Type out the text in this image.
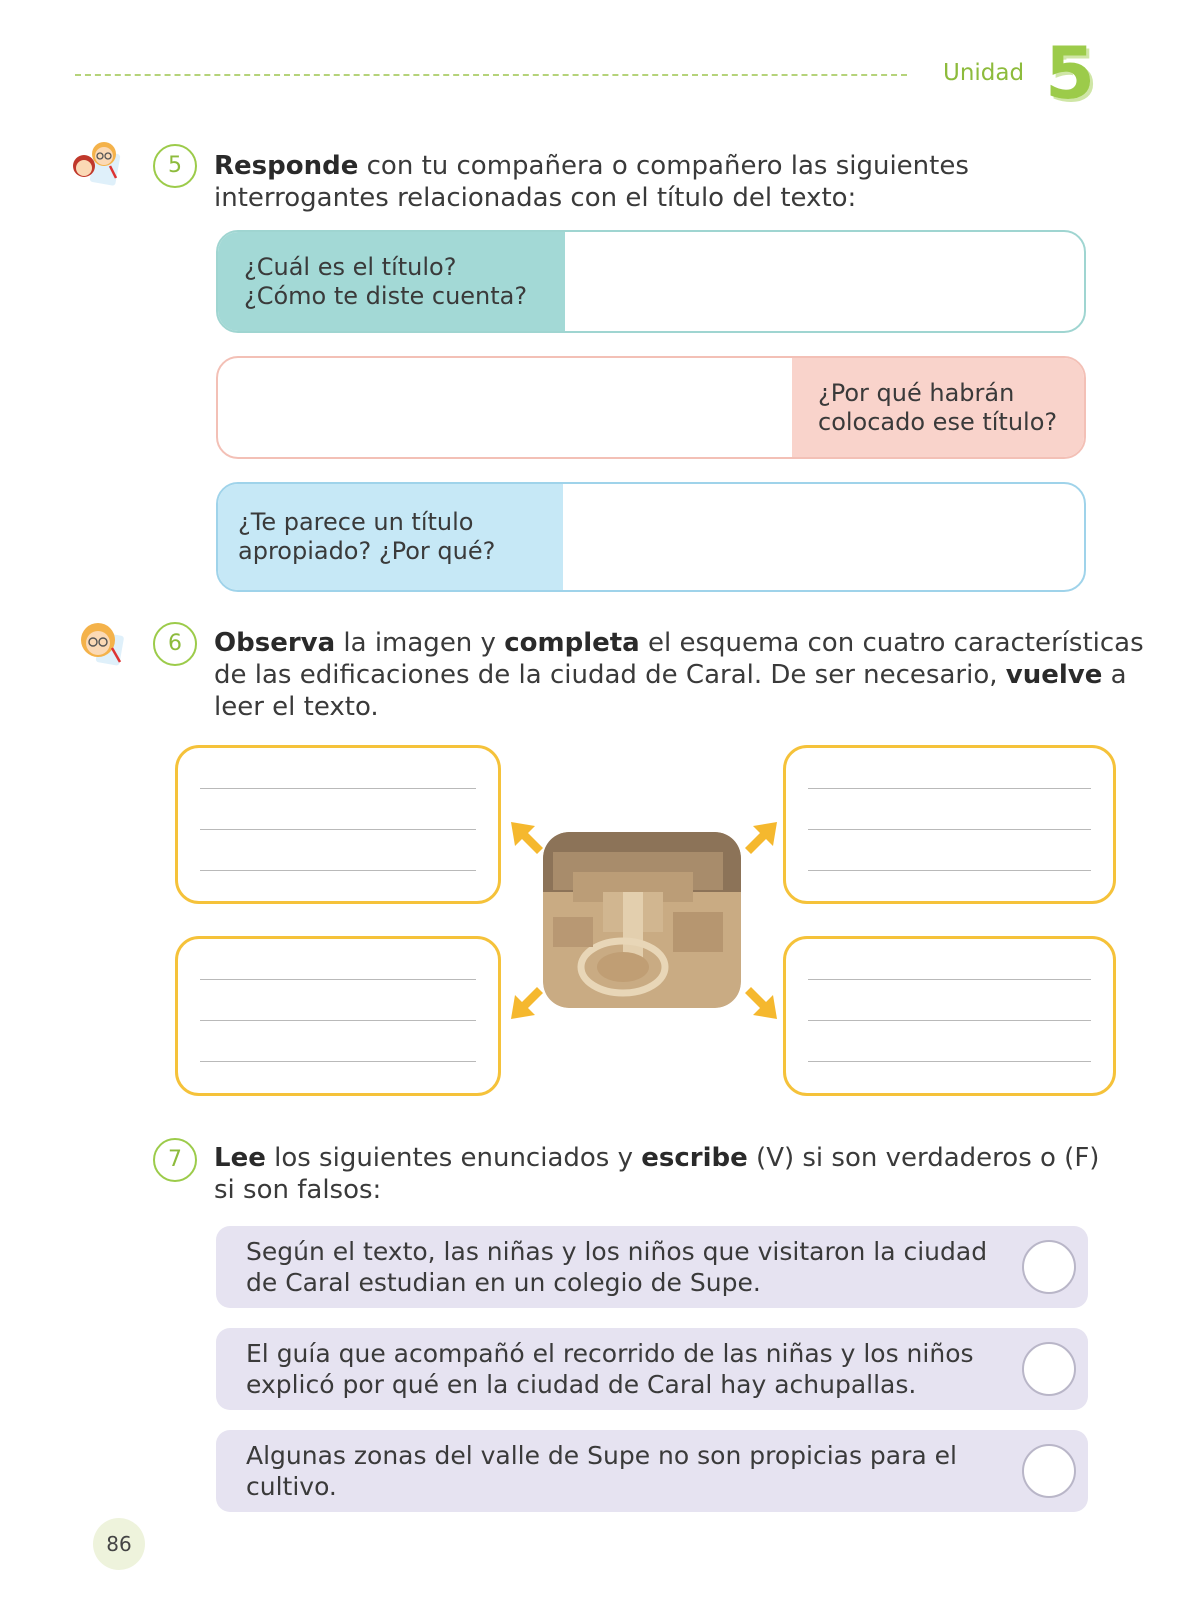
Unidad 5
5	Responde con tu compañera o compañero las siguientes
interrogantes relacionadas con el título del texto:
¿Cuál es el título?
¿Cómo te diste cuenta?
¿Por qué habrán
colocado ese título?
¿Te parece un título
apropiado? ¿Por qué?
6	Observa la imagen y completa el esquema con cuatro características
de las edificaciones de la ciudad de Caral. De ser necesario, vuelve a
leer el texto.
7	Lee los siguientes enunciados y escribe (V) si son verdaderos o (F)
si son falsos:
Según el texto, las niñas y los niños que visitaron la ciudad
de Caral estudian en un colegio de Supe.
El guía que acompañó el recorrido de las niñas y los niños
explicó por qué en la ciudad de Caral hay achupallas.
Algunas zonas del valle de Supe no son propicias para el
cultivo.
86
